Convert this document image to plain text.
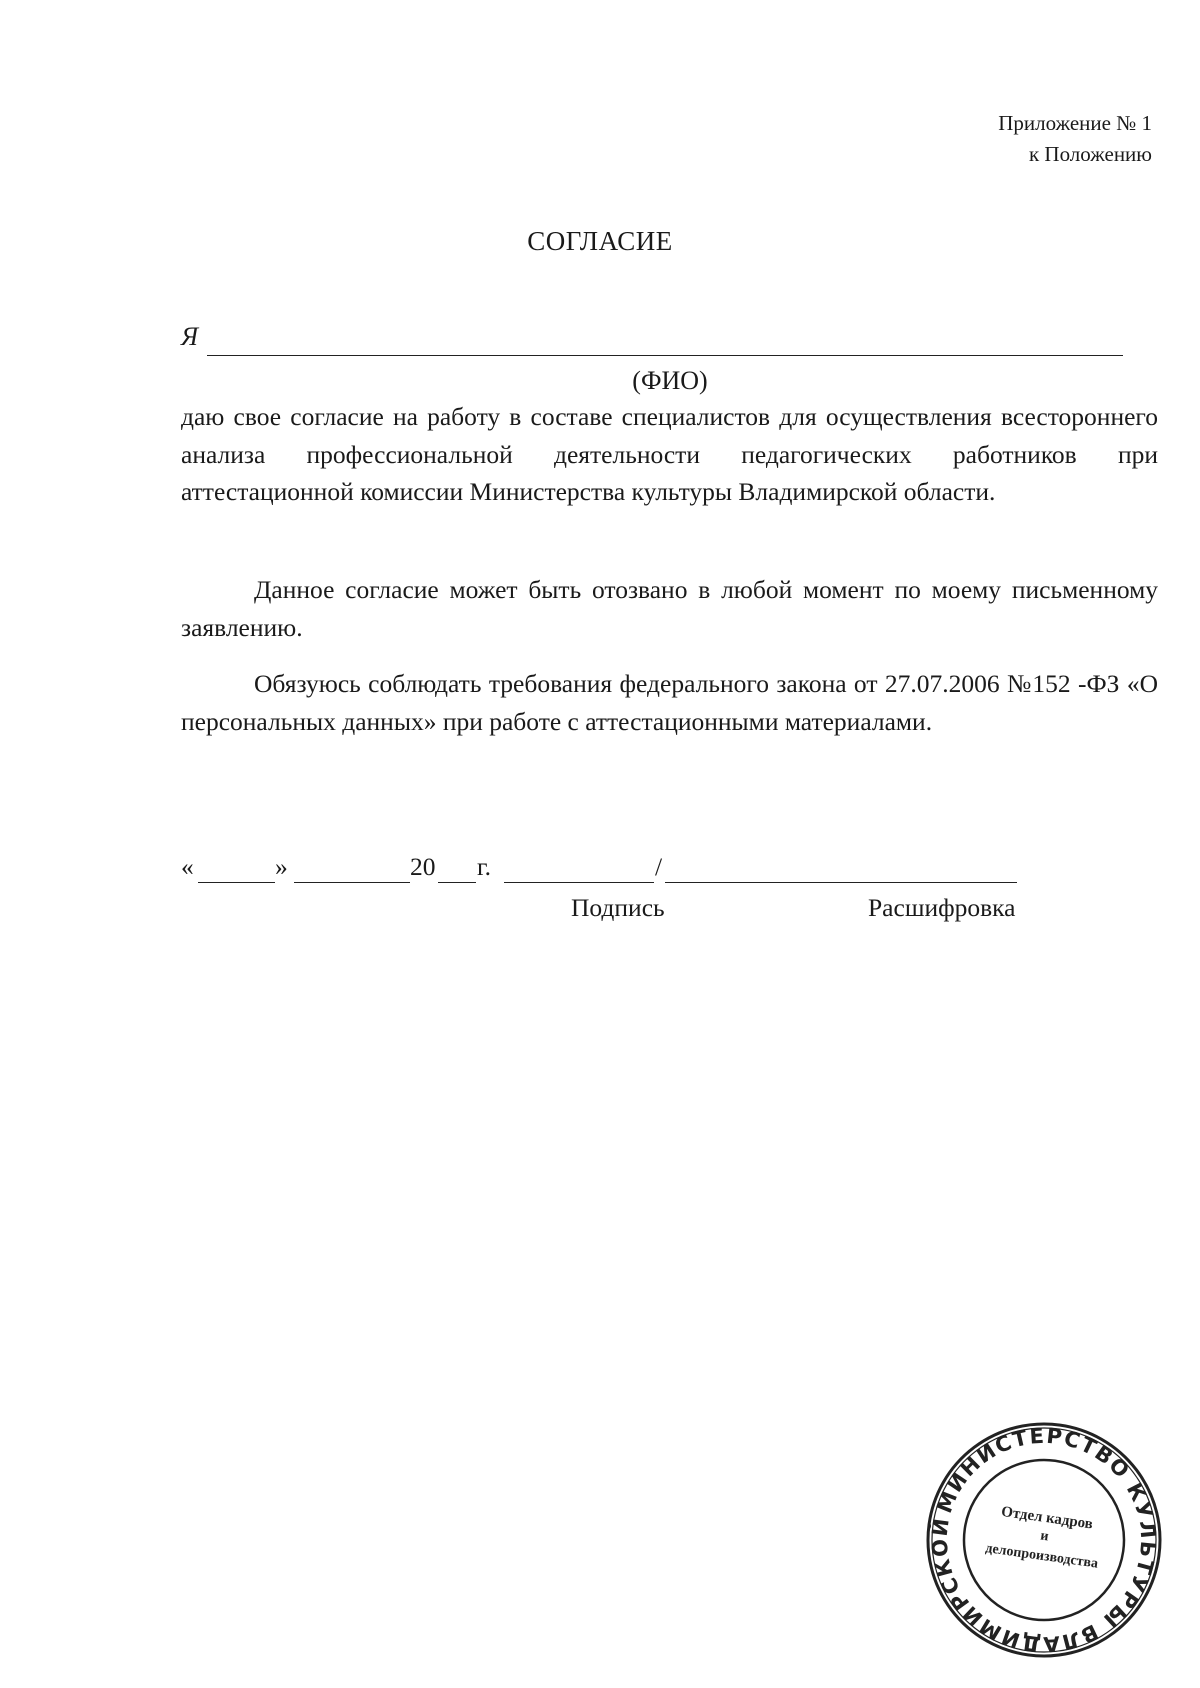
Приложение № 1
к Положению
СОГЛАСИЕ
Я
(ФИО)

даю свое согласие на работу в составе специалистов для осуществления всестороннего анализа профессиональной деятельности педагогических работников при аттестационной комиссии Министерства культуры Владимирской области.

Данное согласие может быть отозвано в любой момент по моему письменному заявлению.

Обязуюсь соблюдать требования федерального закона от 27.07.2006 №152 -ФЗ «О персональных данных» при работе с аттестационными материалами.

«	»	20 г.	/
Подпись	Расшифровка
МИНИСТЕРСТВО КУЛЬТУРЫ ВЛАДИМИРСКОЙ	Отдел кадров
и
делопроизводства
